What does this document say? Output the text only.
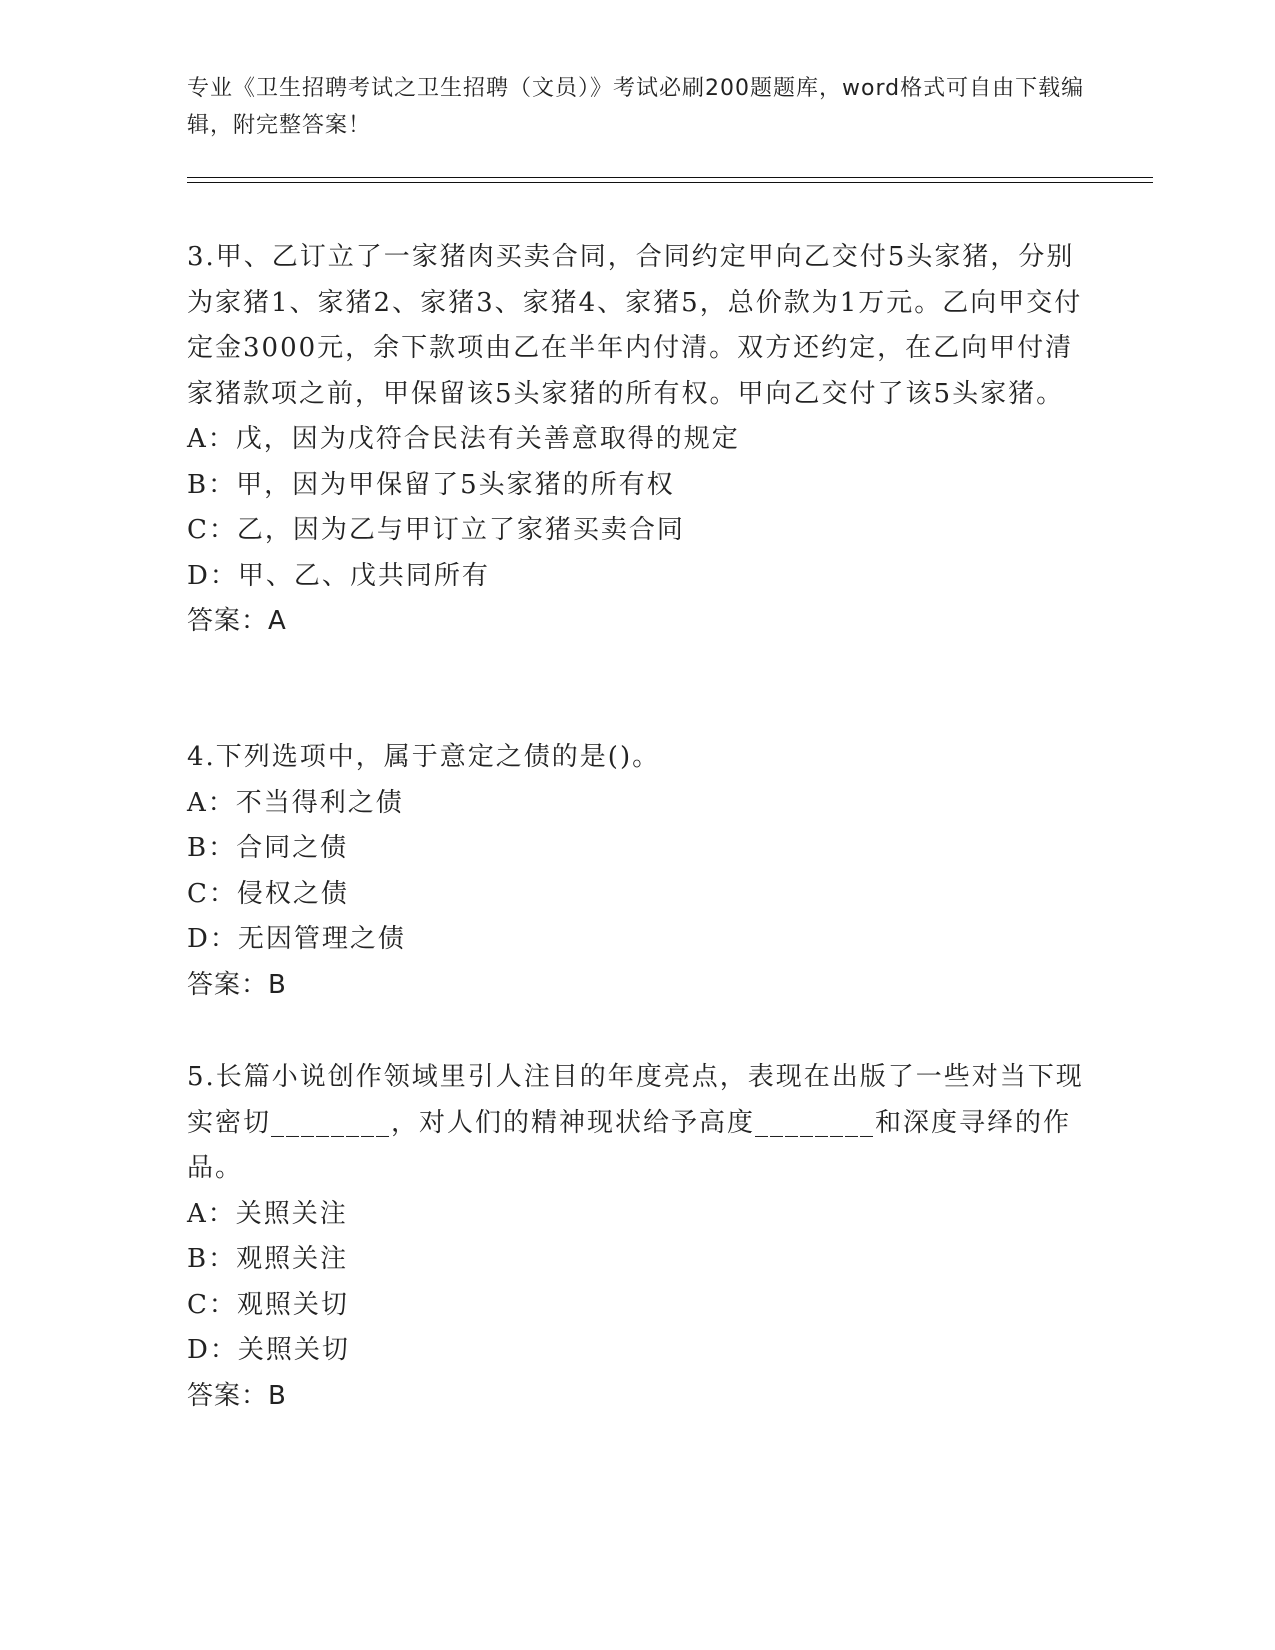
专业《卫生招聘考试之卫生招聘（文员）》考试必刷200题题库，word格式可自由下载编辑，附完整答案！

3.甲、乙订立了一家猪肉买卖合同，合同约定甲向乙交付5头家猪，分别为家猪1、家猪2、家猪3、家猪4、家猪5，总价款为1万元。乙向甲交付定金3000元，余下款项由乙在半年内付清。双方还约定，在乙向甲付清家猪款项之前，甲保留该5头家猪的所有权。甲向乙交付了该5头家猪。

A：戊，因为戊符合民法有关善意取得的规定

B：甲，因为甲保留了5头家猪的所有权

C：乙，因为乙与甲订立了家猪买卖合同

D：甲、乙、戊共同所有

答案：A

4.下列选项中，属于意定之债的是()。

A：不当得利之债

B：合同之债

C：侵权之债

D：无因管理之债

答案：B

5.长篇小说创作领域里引人注目的年度亮点，表现在出版了一些对当下现实密切________，对人们的精神现状给予高度________和深度寻绎的作品。

A：关照关注

B：观照关注

C：观照关切

D：关照关切

答案：B
